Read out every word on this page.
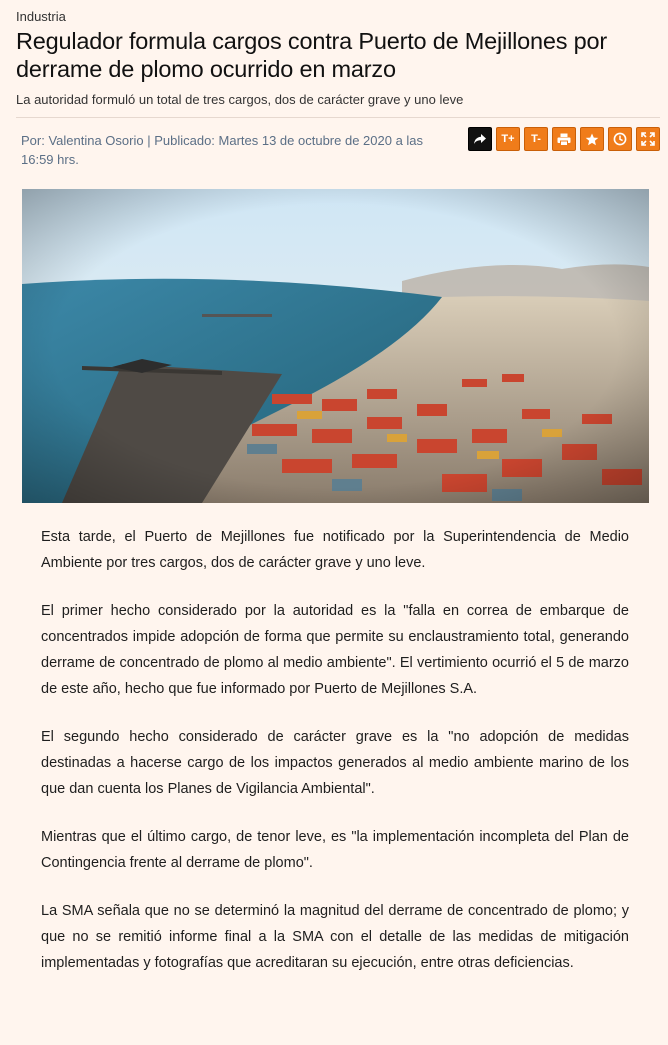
Industria
Regulador formula cargos contra Puerto de Mejillones por derrame de plomo ocurrido en marzo
La autoridad formuló un total de tres cargos, dos de carácter grave y uno leve
Por: Valentina Osorio | Publicado: Martes 13 de octubre de 2020 a las 16:59 hrs.
T+	T-

Esta tarde, el Puerto de Mejillones fue notificado por la Superintendencia de Medio Ambiente por tres cargos, dos de carácter grave y uno leve.

El primer hecho considerado por la autoridad es la "falla en correa de embarque de concentrados impide adopción de forma que permite su enclaustramiento total, generando derrame de concentrado de plomo al medio ambiente". El vertimiento ocurrió el 5 de marzo de este año, hecho que fue informado por Puerto de Mejillones S.A.

El segundo hecho considerado de carácter grave es la "no adopción de medidas destinadas a hacerse cargo de los impactos generados al medio ambiente marino de los que dan cuenta los Planes de Vigilancia Ambiental".

Mientras que el último cargo, de tenor leve, es "la implementación incompleta del Plan de Contingencia frente al derrame de plomo".

La SMA señala que no se determinó la magnitud del derrame de concentrado de plomo; y que no se remitió informe final a la SMA con el detalle de las medidas de mitigación implementadas y fotografías que acreditaran su ejecución, entre otras deficiencias.
